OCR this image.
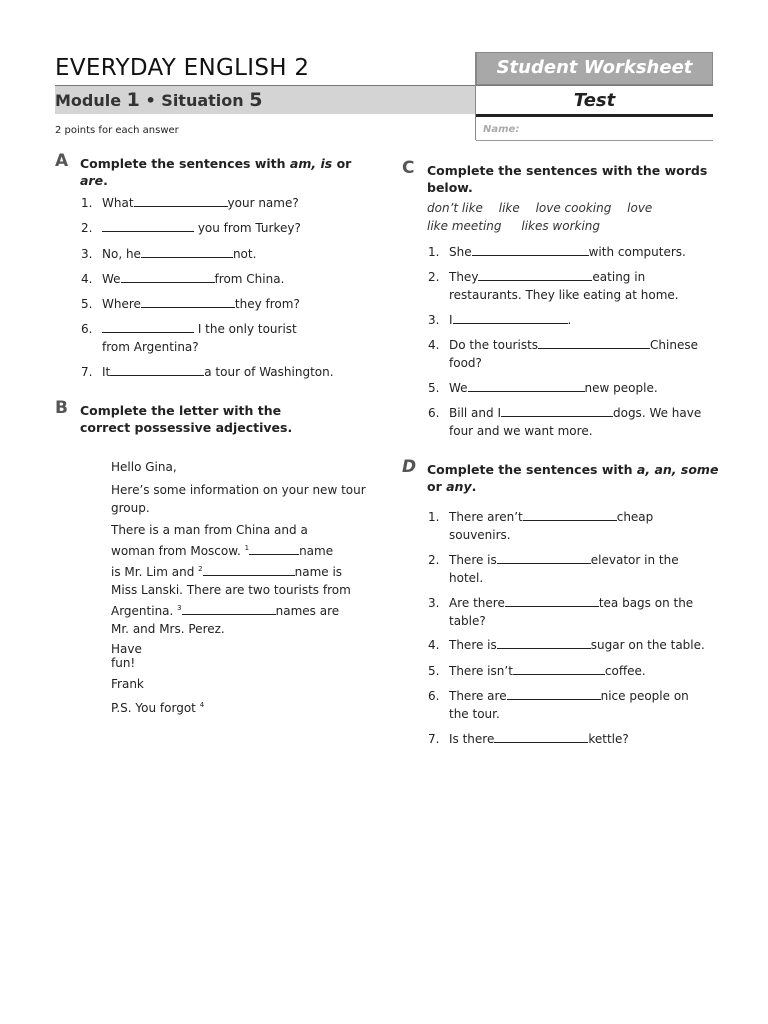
EVERYDAY ENGLISH 2	Student Worksheet
Module 1 • Situation 5	Test
2 points for each answer	Name:
A Complete the sentences with am, is or
are.
1. What	your name?
2.	you from Turkey?
3. No, he	not.
4. We	from China.
5. Where	they from?
6.	I the only tourist
from Argentina?
7. It	a tour of Washington.
B Complete the letter with the
correct possessive adjectives.
Hello Gina,
Here’s some information on your new tour
group.
There is a man from China and a
woman from Moscow. $^1$	name
is Mr. Lim and $^2$	name is
Miss Lanski. There are two tourists from
Argentina. $^3$	names are
Mr. and Mrs. Perez.
Have
fun!
Frank
P.S. You forgot $^4$
C Complete the sentences with the words
below.
don’t like like love cooking love
like meeting likes working
1. She	with computers.
2. They	eating in
restaurants. They like eating at home.
3. I	.
4. Do the tourists	Chinese
food?
5. We	new people.
6. Bill and I	dogs. We have
four and we want more.
D Complete the sentences with a, an, some
or any.
1. There aren’t	cheap
souvenirs.
2. There is	elevator in the
hotel.
3. Are there	tea bags on the
table?
4. There is	sugar on the table.
5. There isn’t	coffee.
6. There are	nice people on
the tour.
7. Is there	kettle?
